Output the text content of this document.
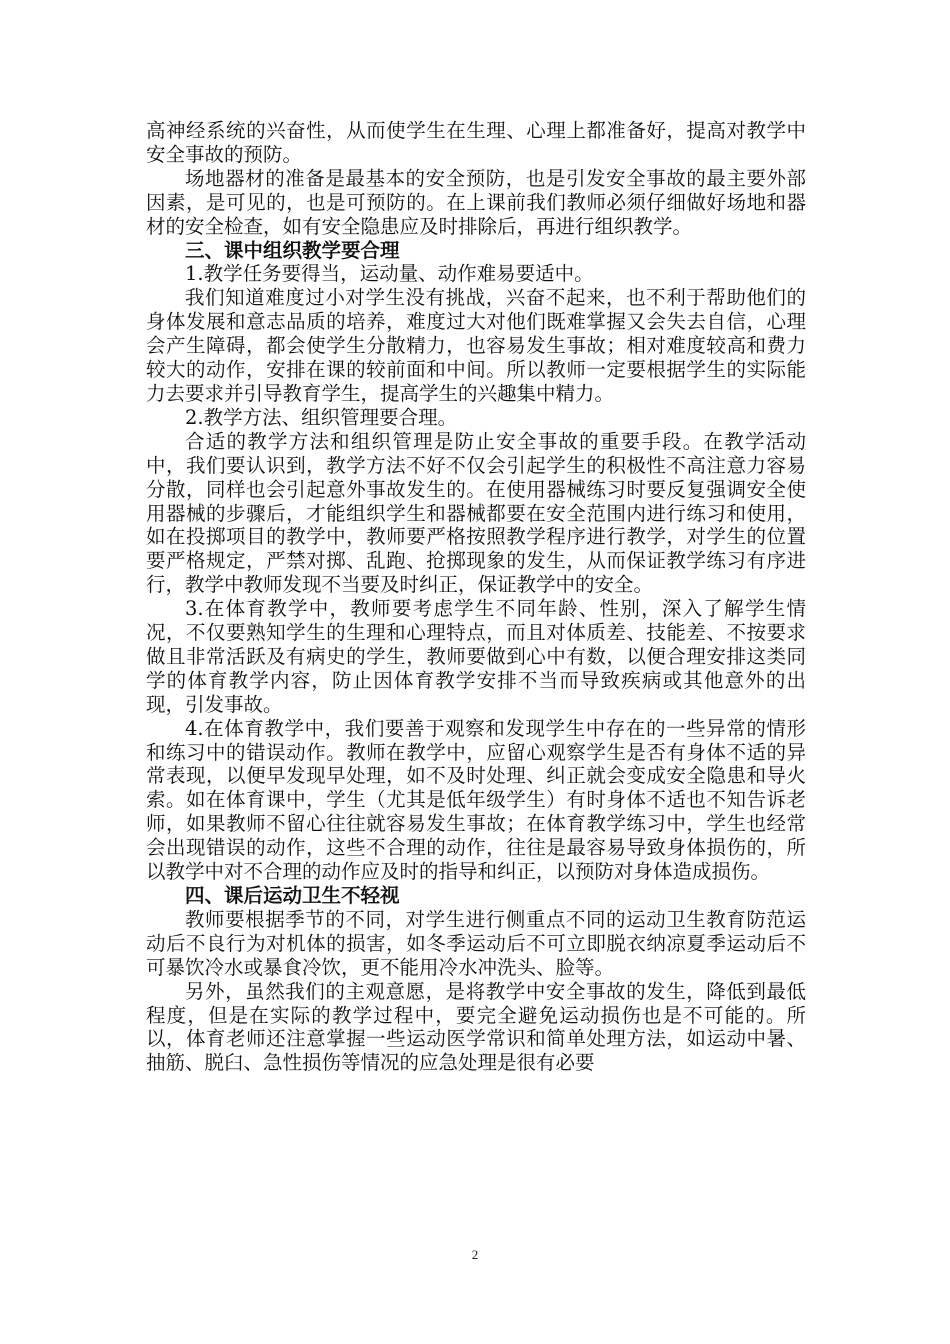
高神经系统的兴奋性，从而使学生在生理、心理上都准备好，提高对教学中安全事故的预防。

场地器材的准备是最基本的安全预防，也是引发安全事故的最主要外部因素，是可见的，也是可预防的。在上课前我们教师必须仔细做好场地和器材的安全检查，如有安全隐患应及时排除后，再进行组织教学。

三、课中组织教学要合理

1.教学任务要得当，运动量、动作难易要适中。

我们知道难度过小对学生没有挑战，兴奋不起来，也不利于帮助他们的身体发展和意志品质的培养，难度过大对他们既难掌握又会失去自信，心理会产生障碍，都会使学生分散精力，也容易发生事故；相对难度较高和费力较大的动作，安排在课的较前面和中间。所以教师一定要根据学生的实际能力去要求并引导教育学生，提高学生的兴趣集中精力。

2.教学方法、组织管理要合理。

合适的教学方法和组织管理是防止安全事故的重要手段。在教学活动中，我们要认识到，教学方法不好不仅会引起学生的积极性不高注意力容易分散，同样也会引起意外事故发生的。在使用器械练习时要反复强调安全使用器械的步骤后，才能组织学生和器械都要在安全范围内进行练习和使用，如在投掷项目的教学中，教师要严格按照教学程序进行教学，对学生的位置要严格规定，严禁对掷、乱跑、抢掷现象的发生，从而保证教学练习有序进行，教学中教师发现不当要及时纠正，保证教学中的安全。

3.在体育教学中，教师要考虑学生不同年龄、性别，深入了解学生情况，不仅要熟知学生的生理和心理特点，而且对体质差、技能差、不按要求做且非常活跃及有病史的学生，教师要做到心中有数，以便合理安排这类同学的体育教学内容，防止因体育教学安排不当而导致疾病或其他意外的出现，引发事故。

4.在体育教学中，我们要善于观察和发现学生中存在的一些异常的情形和练习中的错误动作。教师在教学中，应留心观察学生是否有身体不适的异常表现，以便早发现早处理，如不及时处理、纠正就会变成安全隐患和导火索。如在体育课中，学生（尤其是低年级学生）有时身体不适也不知告诉老师，如果教师不留心往往就容易发生事故；在体育教学练习中，学生也经常会出现错误的动作，这些不合理的动作，往往是最容易导致身体损伤的，所以教学中对不合理的动作应及时的指导和纠正，以预防对身体造成损伤。

四、课后运动卫生不轻视

教师要根据季节的不同，对学生进行侧重点不同的运动卫生教育防范运动后不良行为对机体的损害，如冬季运动后不可立即脱衣纳凉夏季运动后不可暴饮冷水或暴食冷饮，更不能用冷水冲洗头、脸等。

另外，虽然我们的主观意愿，是将教学中安全事故的发生，降低到最低程度，但是在实际的教学过程中，要完全避免运动损伤也是不可能的。所以，体育老师还注意掌握一些运动医学常识和简单处理方法，如运动中暑、抽筋、脱臼、急性损伤等情况的应急处理是很有必要

2
